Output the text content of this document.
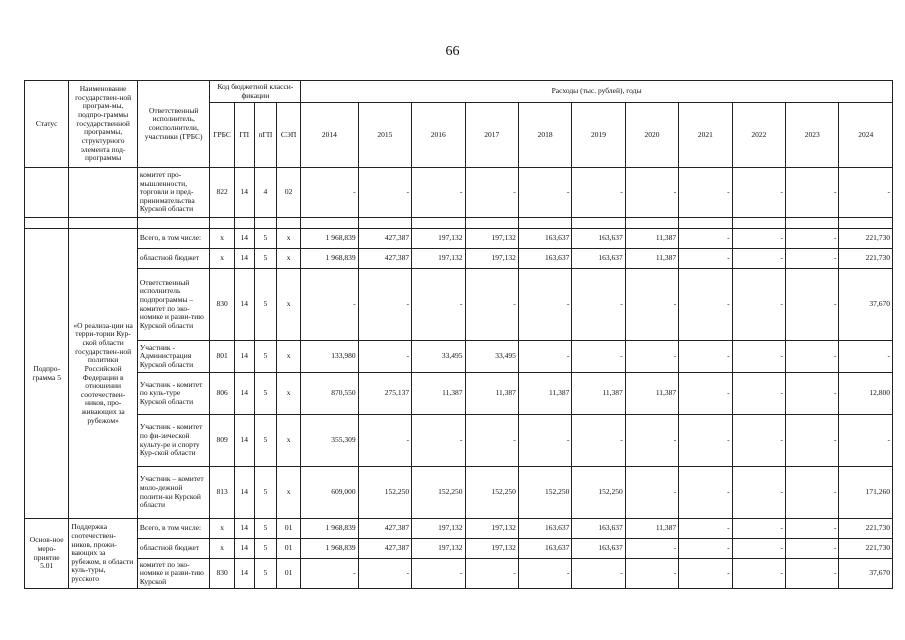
66
Статус	Наименование государствен-ной програм-мы, подпро-граммы государственной программы, структурного элемента под-программы	Ответственный исполнитель, соисполнители, участники (ГРБС)	Код бюджетной класси-фикации				Расходы (тыс. рублей), годы										
			ГРБС	ГП	пГП	СЭП	2014	2015	2016	2017	2018	2019	2020	2021	2022	2023	2024
		комитет про-мышленности, торговли и пред-принимательства Курской области	822	14	4	02	-	-	-	-	-	-	-	-	-	-	-

Подпро-грамма 5	«О реализа-ции на терри-тории Кур-ской области государствен-ной политики Российской Федерации в отношении соотечествен-ников, про-живающих за рубежом»	Всего, в том числе:	x	14	5	x	1 968,839	427,387	197,132	197,132	163,637	163,637	11,387	-	-	-	221,730
		областной бюджет	x	14	5	x	1 968,839	427,387	197,132	197,132	163,637	163,637	11,387	-	-	-	221,730
		Ответственный исполнитель подпрограммы – комитет по эко-номике и разви-тию Курской области	830	14	5	x	-	-	-	-	-	-	-	-	-	-	37,670
		Участник - Администрация Курской области	801	14	5	x	133,980	-	33,495	33,495	-	-	-	-	-	-	-
		Участник - комитет по куль-туре Курской области	806	14	5	x	870,550	275,137	11,387	11,387	11,387	11,387	11,387	-	-	-	12,800
		Участник - комитет по фи-зической культу-ре и спорту Кур-ской области	809	14	5	x	355,309	-	-	-	-	-	-	-	-	-	-
		Участник – комитет моло-дежной полити-ки Курской области	813	14	5	x	609,000	152,250	152,250	152,250	152,250	152,250	-	-	-	-	171,260
Основ-ное меро-приятие 5.01	Поддержка соотечествен-ников, прожи-вающих за рубежом, в области куль-туры, русского	Всего, в том числе:	x	14	5	01	1 968,839	427,387	197,132	197,132	163,637	163,637	11,387	-	-	-	221,730
		областной бюджет	x	14	5	01	1 968,839	427,387	197,132	197,132	163,637	163,637	-	-	-	-	221,730
		комитет по эко-номике и разви-тию Курской	830	14	5	01	-	-	-	-	-	-	-	-	-	-	37,670
